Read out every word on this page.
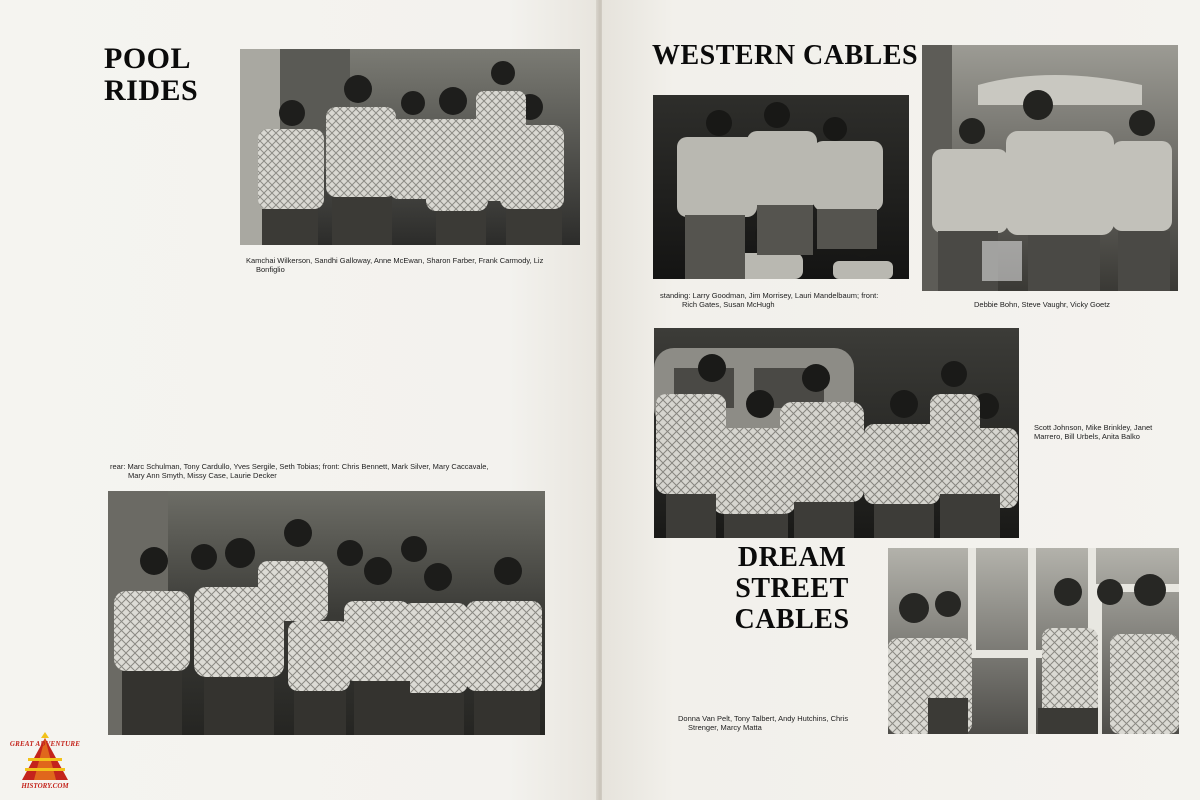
POOL
RIDES
Kamchai Wilkerson, Sandhi Galloway, Anne McEwan, Sharon Farber, Frank Carmody, Liz
Bonfiglio
rear: Marc Schulman, Tony Cardullo, Yves Sergile, Seth Tobias; front: Chris Bennett, Mark Silver, Mary Caccavale,
Mary Ann Smyth, Missy Case, Laurie Decker
GREAT ADVENTURE
HISTORY.COM
WESTERN CABLES
standing: Larry Goodman, Jim Morrisey, Lauri Mandelbaum; front:
Rich Gates, Susan McHugh	Debbie Bohn, Steve Vaughr, Vicky Goetz
Scott Johnson, Mike Brinkley, Janet
Marrero, Bill Urbels, Anita Balko
DREAM
STREET
CABLES
Donna Van Pelt, Tony Talbert, Andy Hutchins, Chris
Strenger, Marcy Matta
